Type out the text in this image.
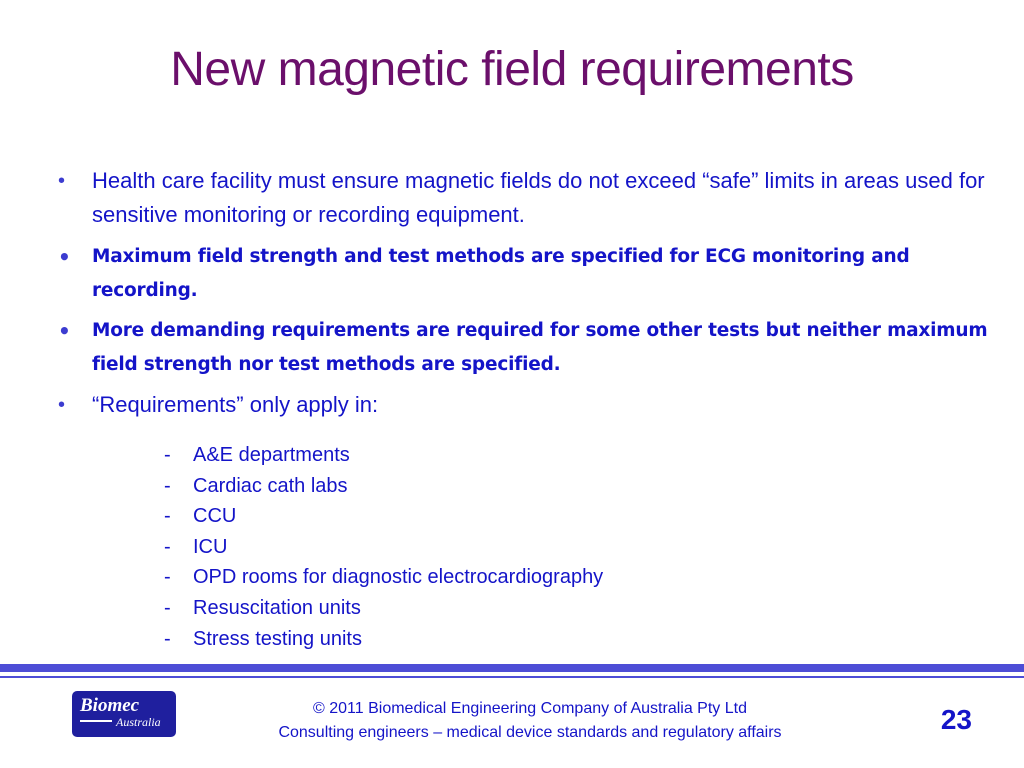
New magnetic field requirements
• Health care facility must ensure magnetic fields do not exceed “safe” limits in areas used for sensitive monitoring or recording equipment.
• Maximum field strength and test methods are specified for ECG monitoring and recording.
• More demanding requirements are required for some other tests but neither maximum field strength nor test methods are specified.
• “Requirements” only apply in:
- A&E departments
- Cardiac cath labs
- CCU
- ICU
- OPD rooms for diagnostic electrocardiography
- Resuscitation units
- Stress testing units
Biomec
Australia
© 2011 Biomedical Engineering Company of Australia Pty Ltd
Consulting engineers – medical device standards and regulatory affairs	23
